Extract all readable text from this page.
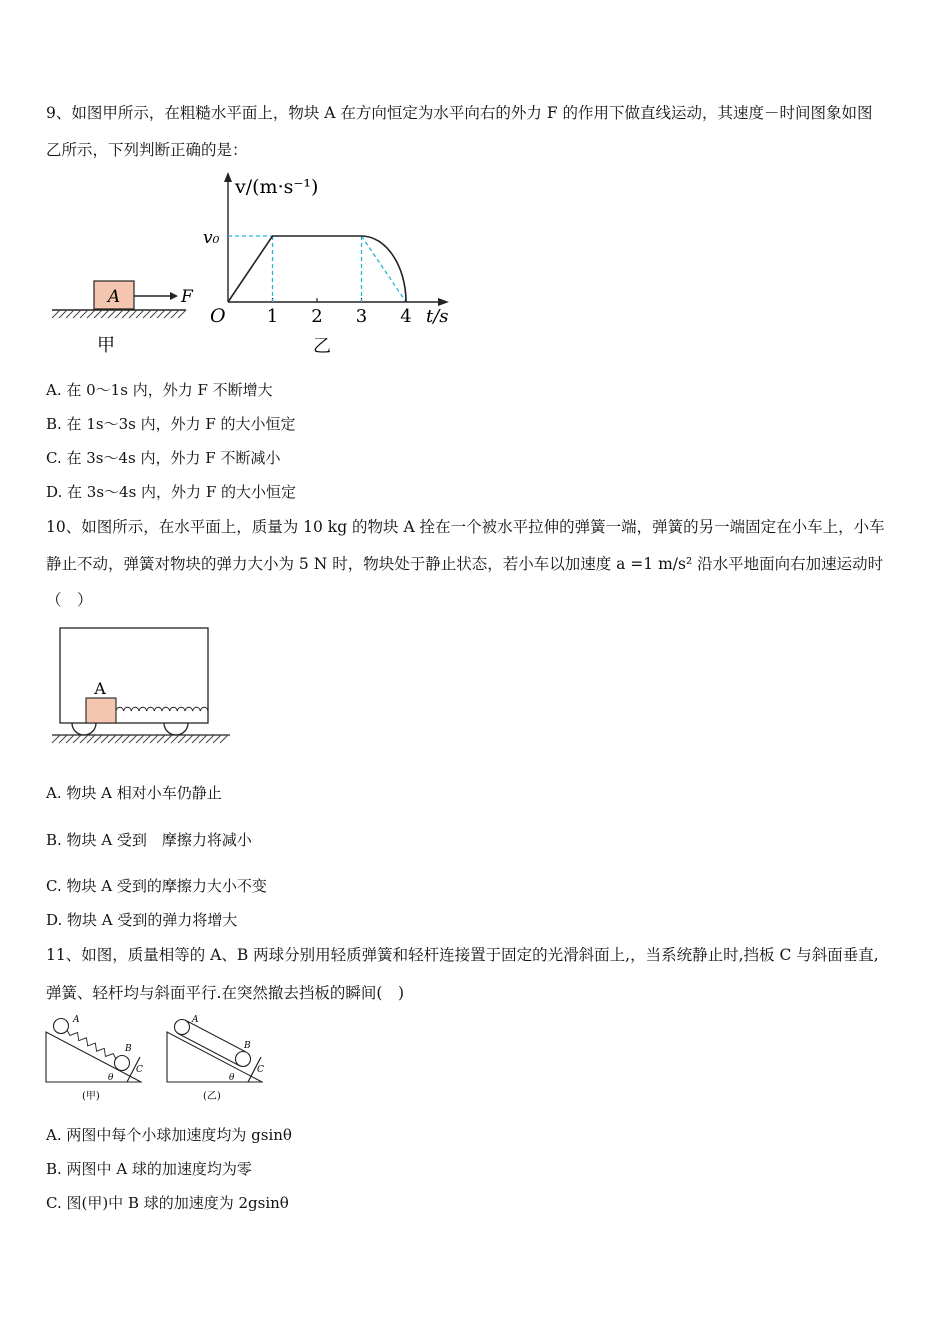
9、如图甲所示，在粗糙水平面上，物块 A 在方向恒定为水平向右的外力 F 的作用下做直线运动，其速度－时间图象如图
乙所示，下列判断正确的是：
A	F
甲
v/(m·s⁻¹)
v₀
O 1 2 3 4 t/s
乙
A. 在 0～1s 内，外力 F 不断增大
B. 在 1s～3s 内，外力 F 的大小恒定
C. 在 3s～4s 内，外力 F 不断减小
D. 在 3s～4s 内，外力 F 的大小恒定
10、如图所示，在水平面上，质量为 10 kg 的物块 A 拴在一个被水平拉伸的弹簧一端，弹簧的另一端固定在小车上，小车
静止不动，弹簧对物块的弹力大小为 5 N 时，物块处于静止状态，若小车以加速度 a =1 m/s² 沿水平地面向右加速运动时
（　）
A
A. 物块 A 相对小车仍静止
B. 物块 A 受到　摩擦力将减小
C. 物块 A 受到的摩擦力大小不变
D. 物块 A 受到的弹力将增大
11、如图，质量相等的 A、B 两球分别用轻质弹簧和轻杆连接置于固定的光滑斜面上,，当系统静止时,挡板 C 与斜面垂直,
弹簧、轻杆均与斜面平行.在突然撤去挡板的瞬间(　)
A
B
C
θ
(甲)
A
B
C
θ
(乙)
A. 两图中每个小球加速度均为 gsinθ
B. 两图中 A 球的加速度均为零
C. 图(甲)中 B 球的加速度为 2gsinθ
